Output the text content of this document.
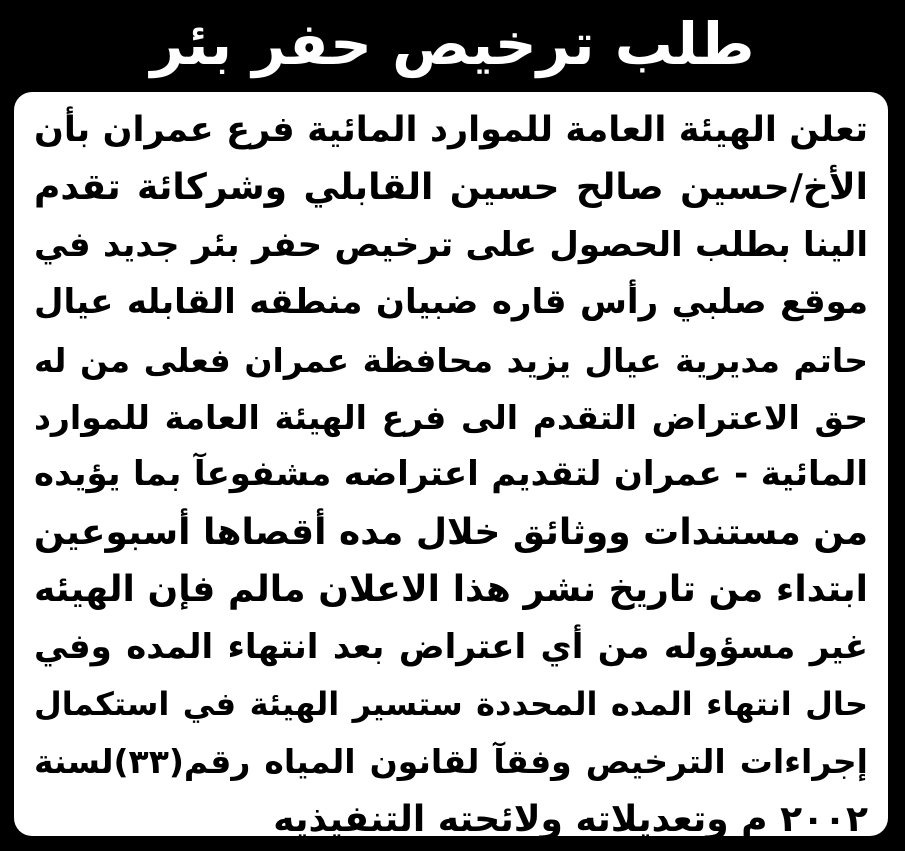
طلب ترخيص حفر بئر
تعلن الهيئة العامة للموارد المائية فرع عمران بأن
الأخ/حسين صالح حسين القابلي وشركائة تقدم
الينا بطلب الحصول على ترخيص حفر بئر جديد في
موقع صلبي رأس قاره ضبيان منطقه القابله عيال
حاتم مديرية عيال يزيد محافظة عمران فعلى من له
حق الاعتراض التقدم الى فرع الهيئة العامة للموارد
المائية - عمران لتقديم اعتراضه مشفوعآ بما يؤيده
من مستندات ووثائق خلال مده أقصاها أسبوعين
ابتداء من تاريخ نشر هذا الاعلان مالم فإن الهيئه
غير مسؤوله من أي اعتراض بعد انتهاء المده وفي
حال انتهاء المده المحددة ستسير الهيئة في استكمال
إجراءات الترخيص وفقآ لقانون المياه رقم(٣٣)لسنة
٢٠٠٢ م وتعديلاته ولائحته التنفيذيه
